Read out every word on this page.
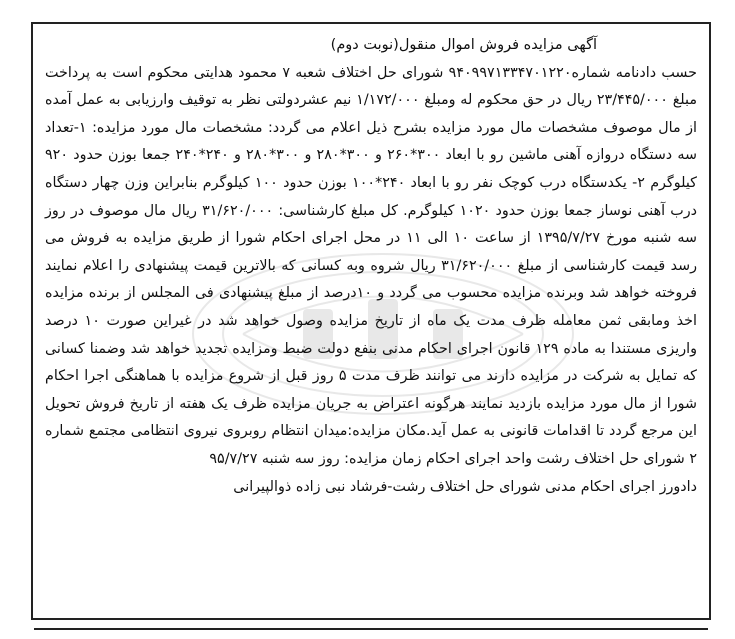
آگهی مزایده فروش اموال منقول(نوبت دوم)
حسب دادنامه شماره۹۴۰۹۹۷۱۳۳۴۷۰۱۲۲۰ شورای حل اختلاف شعبه ۷ محمود هدایتی محکوم است به پرداخت مبلغ ۲۳/۴۴۵/۰۰۰ ریال در حق محکوم له ومبلغ ۱/۱۷۲/۰۰۰ نیم عشردولتی نظر به توقیف وارزیابی به عمل آمده از مال موصوف مشخصات مال مورد مزایده بشرح ذیل اعلام می گردد: مشخصات مال مورد مزایده: ۱-تعداد سه دستگاه دروازه آهنی ماشین رو با ابعاد ۳۰۰*۲۶۰ و ۳۰۰*۲۸۰ و ۳۰۰*۲۸۰ و ۲۴۰*۲۴۰ جمعا بوزن حدود ۹۲۰ کیلوگرم ۲- یکدستگاه درب کوچک نفر رو با ابعاد ۲۴۰*۱۰۰ بوزن حدود ۱۰۰ کیلوگرم بنابراین وزن چهار دستگاه درب آهنی نوساز جمعا بوزن حدود ۱۰۲۰ کیلوگرم. کل مبلغ کارشناسی: ۳۱/۶۲۰/۰۰۰ ریال مال موصوف در روز سه شنبه مورخ ۱۳۹۵/۷/۲۷ از ساعت ۱۰ الی ۱۱ در محل اجرای احکام شورا از طریق مزایده به فروش می رسد قیمت کارشناسی از مبلغ ۳۱/۶۲۰/۰۰۰ ریال شروه وبه کسانی که بالاترین قیمت پیشنهادی را اعلام نمایند فروخته خواهد شد وبرنده مزایده محسوب می گردد و ۱۰درصد از مبلغ پیشنهادی فی المجلس از برنده مزایده اخذ ومابقی ثمن معامله ظرف مدت یک ماه از تاریخ مزایده وصول خواهد شد در غیراین صورت ۱۰ درصد واریزی مستندا به ماده ۱۲۹ قانون اجرای احکام مدنی بنفع دولت ضبط ومزایده تجدید خواهد شد وضمنا کسانی که تمایل به شرکت در مزایده دارند می توانند ظرف مدت ۵ روز قبل از شروع مزایده با هماهنگی اجرا احکام شورا از مال مورد مزایده بازدید نمایند هرگونه اعتراض به جریان مزایده ظرف یک هفته از تاریخ فروش تحویل این مرجع گردد تا اقدامات قانونی به عمل آید.مکان مزایده:میدان انتظام روبروی نیروی انتظامی مجتمع شماره ۲ شورای حل اختلاف رشت واحد اجرای احکام زمان مزایده: روز سه شنبه ۹۵/۷/۲۷
دادورز اجرای احکام مدنی شورای حل اختلاف رشت-فرشاد نبی زاده ذوالپیرانی
